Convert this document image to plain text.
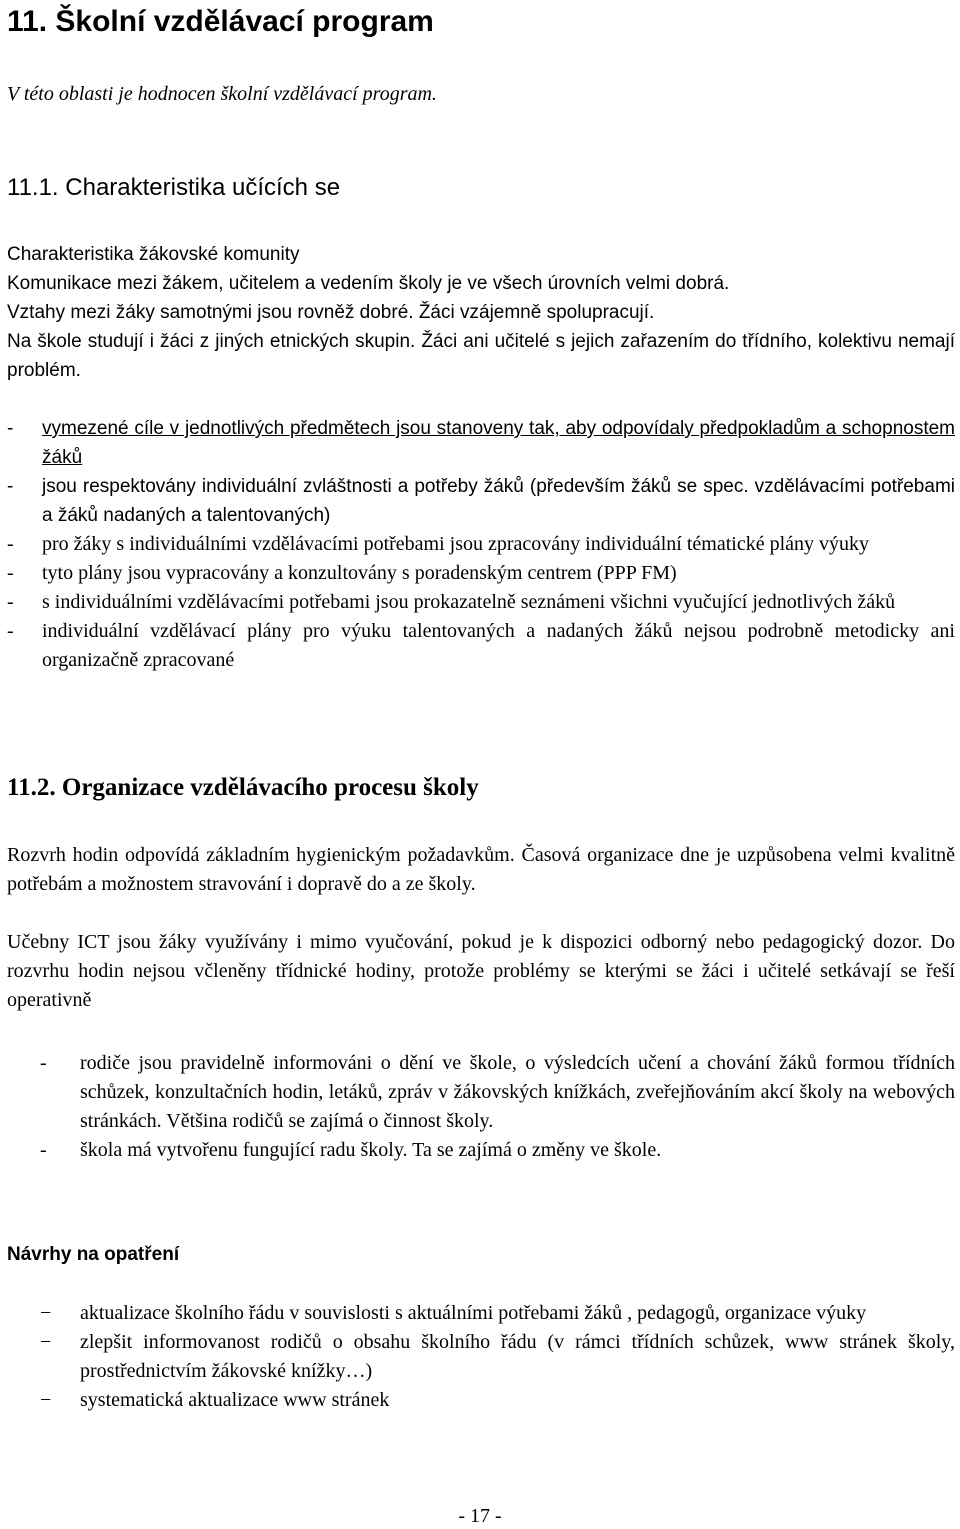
11. Školní vzdělávací program

V této oblasti je hodnocen školní vzdělávací program.

11.1. Charakteristika učících se

Charakteristika žákovské komunity
Komunikace mezi žákem, učitelem a vedením školy je ve všech úrovních velmi dobrá.
Vztahy mezi žáky samotnými jsou rovněž dobré. Žáci vzájemně spolupracují.
Na škole studují i žáci z jiných etnických skupin. Žáci ani učitelé s jejich zařazením do třídního, kolektivu nemají problém.

- vymezené cíle v jednotlivých předmětech jsou stanoveny tak, aby odpovídaly předpokladům a schopnostem žáků
- jsou respektovány individuální zvláštnosti a potřeby žáků (především žáků se spec. vzdělávacími potřebami a žáků nadaných a talentovaných)
- pro žáky s individuálními vzdělávacími potřebami jsou zpracovány individuální tématické plány výuky
- tyto plány jsou vypracovány a konzultovány s poradenským centrem (PPP FM)
- s individuálními vzdělávacími potřebami jsou prokazatelně seznámeni všichni vyučující jednotlivých žáků
- individuální vzdělávací plány pro výuku talentovaných a nadaných žáků nejsou podrobně metodicky ani organizačně zpracované
11.2. Organizace vzdělávacího procesu školy

Rozvrh hodin odpovídá základním hygienickým požadavkům. Časová organizace dne je uzpůsobena velmi kvalitně potřebám a možnostem stravování i dopravě do a ze školy.

Učebny ICT jsou žáky využívány i mimo vyučování, pokud je k dispozici odborný nebo pedagogický dozor. Do rozvrhu hodin nejsou včleněny třídnické hodiny, protože problémy se kterými se žáci i učitelé setkávají se řeší operativně

- rodiče jsou pravidelně informováni o dění ve škole, o výsledcích učení a chování žáků formou třídních schůzek, konzultačních hodin, letáků, zpráv v žákovských knížkách, zveřejňováním akcí školy na webových stránkách. Většina rodičů se zajímá o činnost školy.
- škola má vytvořenu fungující radu školy. Ta se zajímá o změny ve škole.
Návrhy na opatření
− aktualizace školního řádu v souvislosti s aktuálními potřebami žáků , pedagogů, organizace výuky
− zlepšit informovanost rodičů o obsahu školního řádu (v rámci třídních schůzek, www stránek školy, prostřednictvím žákovské knížky…)
− systematická aktualizace www stránek

- 17 -
